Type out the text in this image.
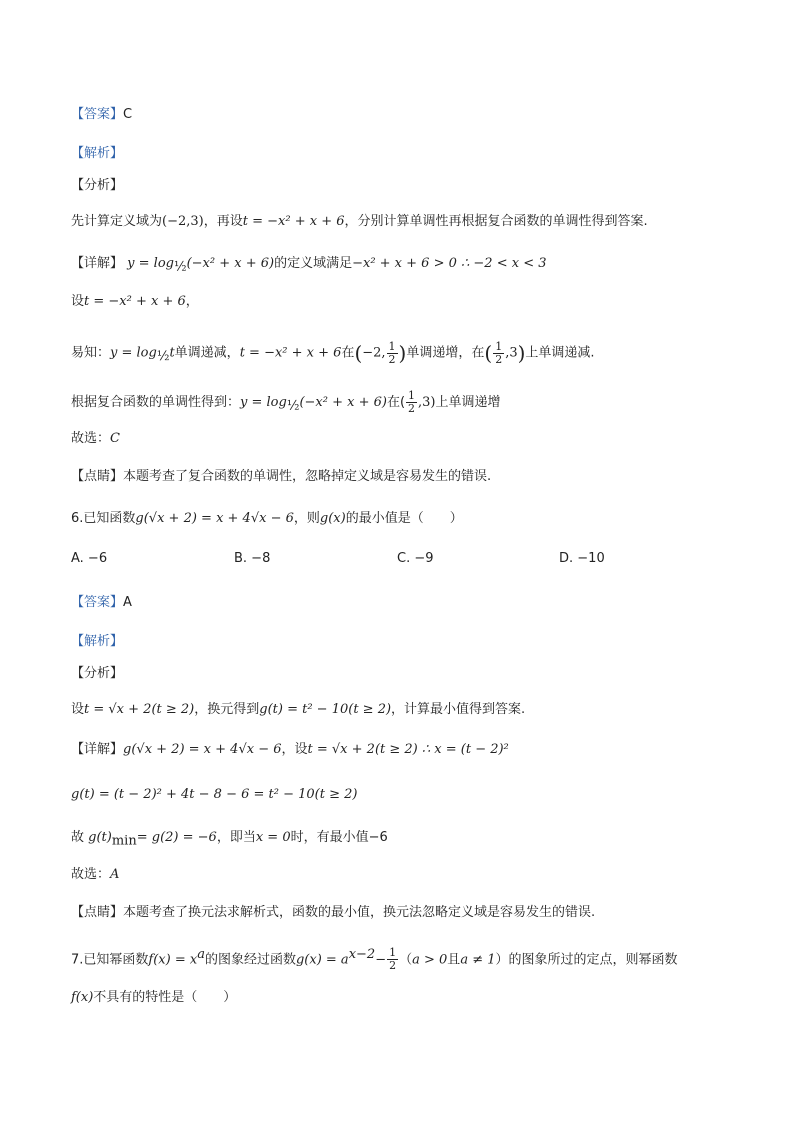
【答案】C
【解析】
【分析】
先计算定义域为(−2,3)，再设t = −x² + x + 6，分别计算单调性再根据复合函数的单调性得到答案.
【详解】 $y = \log_{\frac{1}{2}}(-x^2 + x + 6)$的定义域满足−x² + x + 6 > 0 ∴ −2 < x < 3
设t = −x² + x + 6，
易知：$y = \log_{\frac{1}{2}}t$单调递减，t = −x² + x + 6在(−2, $\frac{1}{2}$ )单调递增，在( $\frac{1}{2} ,3$)上单调递减.
根据复合函数的单调性得到：$y = \log_{\frac{1}{2}}(-x^2 + x + 6)$在( $\frac{1}{2} ,3$)上单调递增
故选：C
【点睛】本题考查了复合函数的单调性，忽略掉定义域是容易发生的错误.
6.已知函数g(√x + 2) = x + 4√x − 6，则g(x)的最小值是（　　）
A. −6	B. −8	C. −9	D. −10
【答案】A
【解析】
【分析】
设t = √x + 2(t ≥ 2)，换元得到g(t) = t² − 10(t ≥ 2)，计算最小值得到答案.
【详解】g(√x + 2) = x + 4√x − 6，设t = √x + 2(t ≥ 2) ∴ x = (t − 2)²
g(t) = (t − 2)² + 4t − 8 − 6 = t² − 10(t ≥ 2)
故 $g(t)_{min}= g(2) = -6$，即当x = 0时，有最小值−6
故选：A
【点睛】本题考查了换元法求解析式，函数的最小值，换元法忽略定义域是容易发生的错误.
7.已知幂函数$f(x) = x^a$的图象经过函数$g(x) = a^{x-2}- \frac{1}{2} (a > 0$且a ≠ 1）的图象所过的定点，则幂函数
f(x)不具有的特性是（　　）
